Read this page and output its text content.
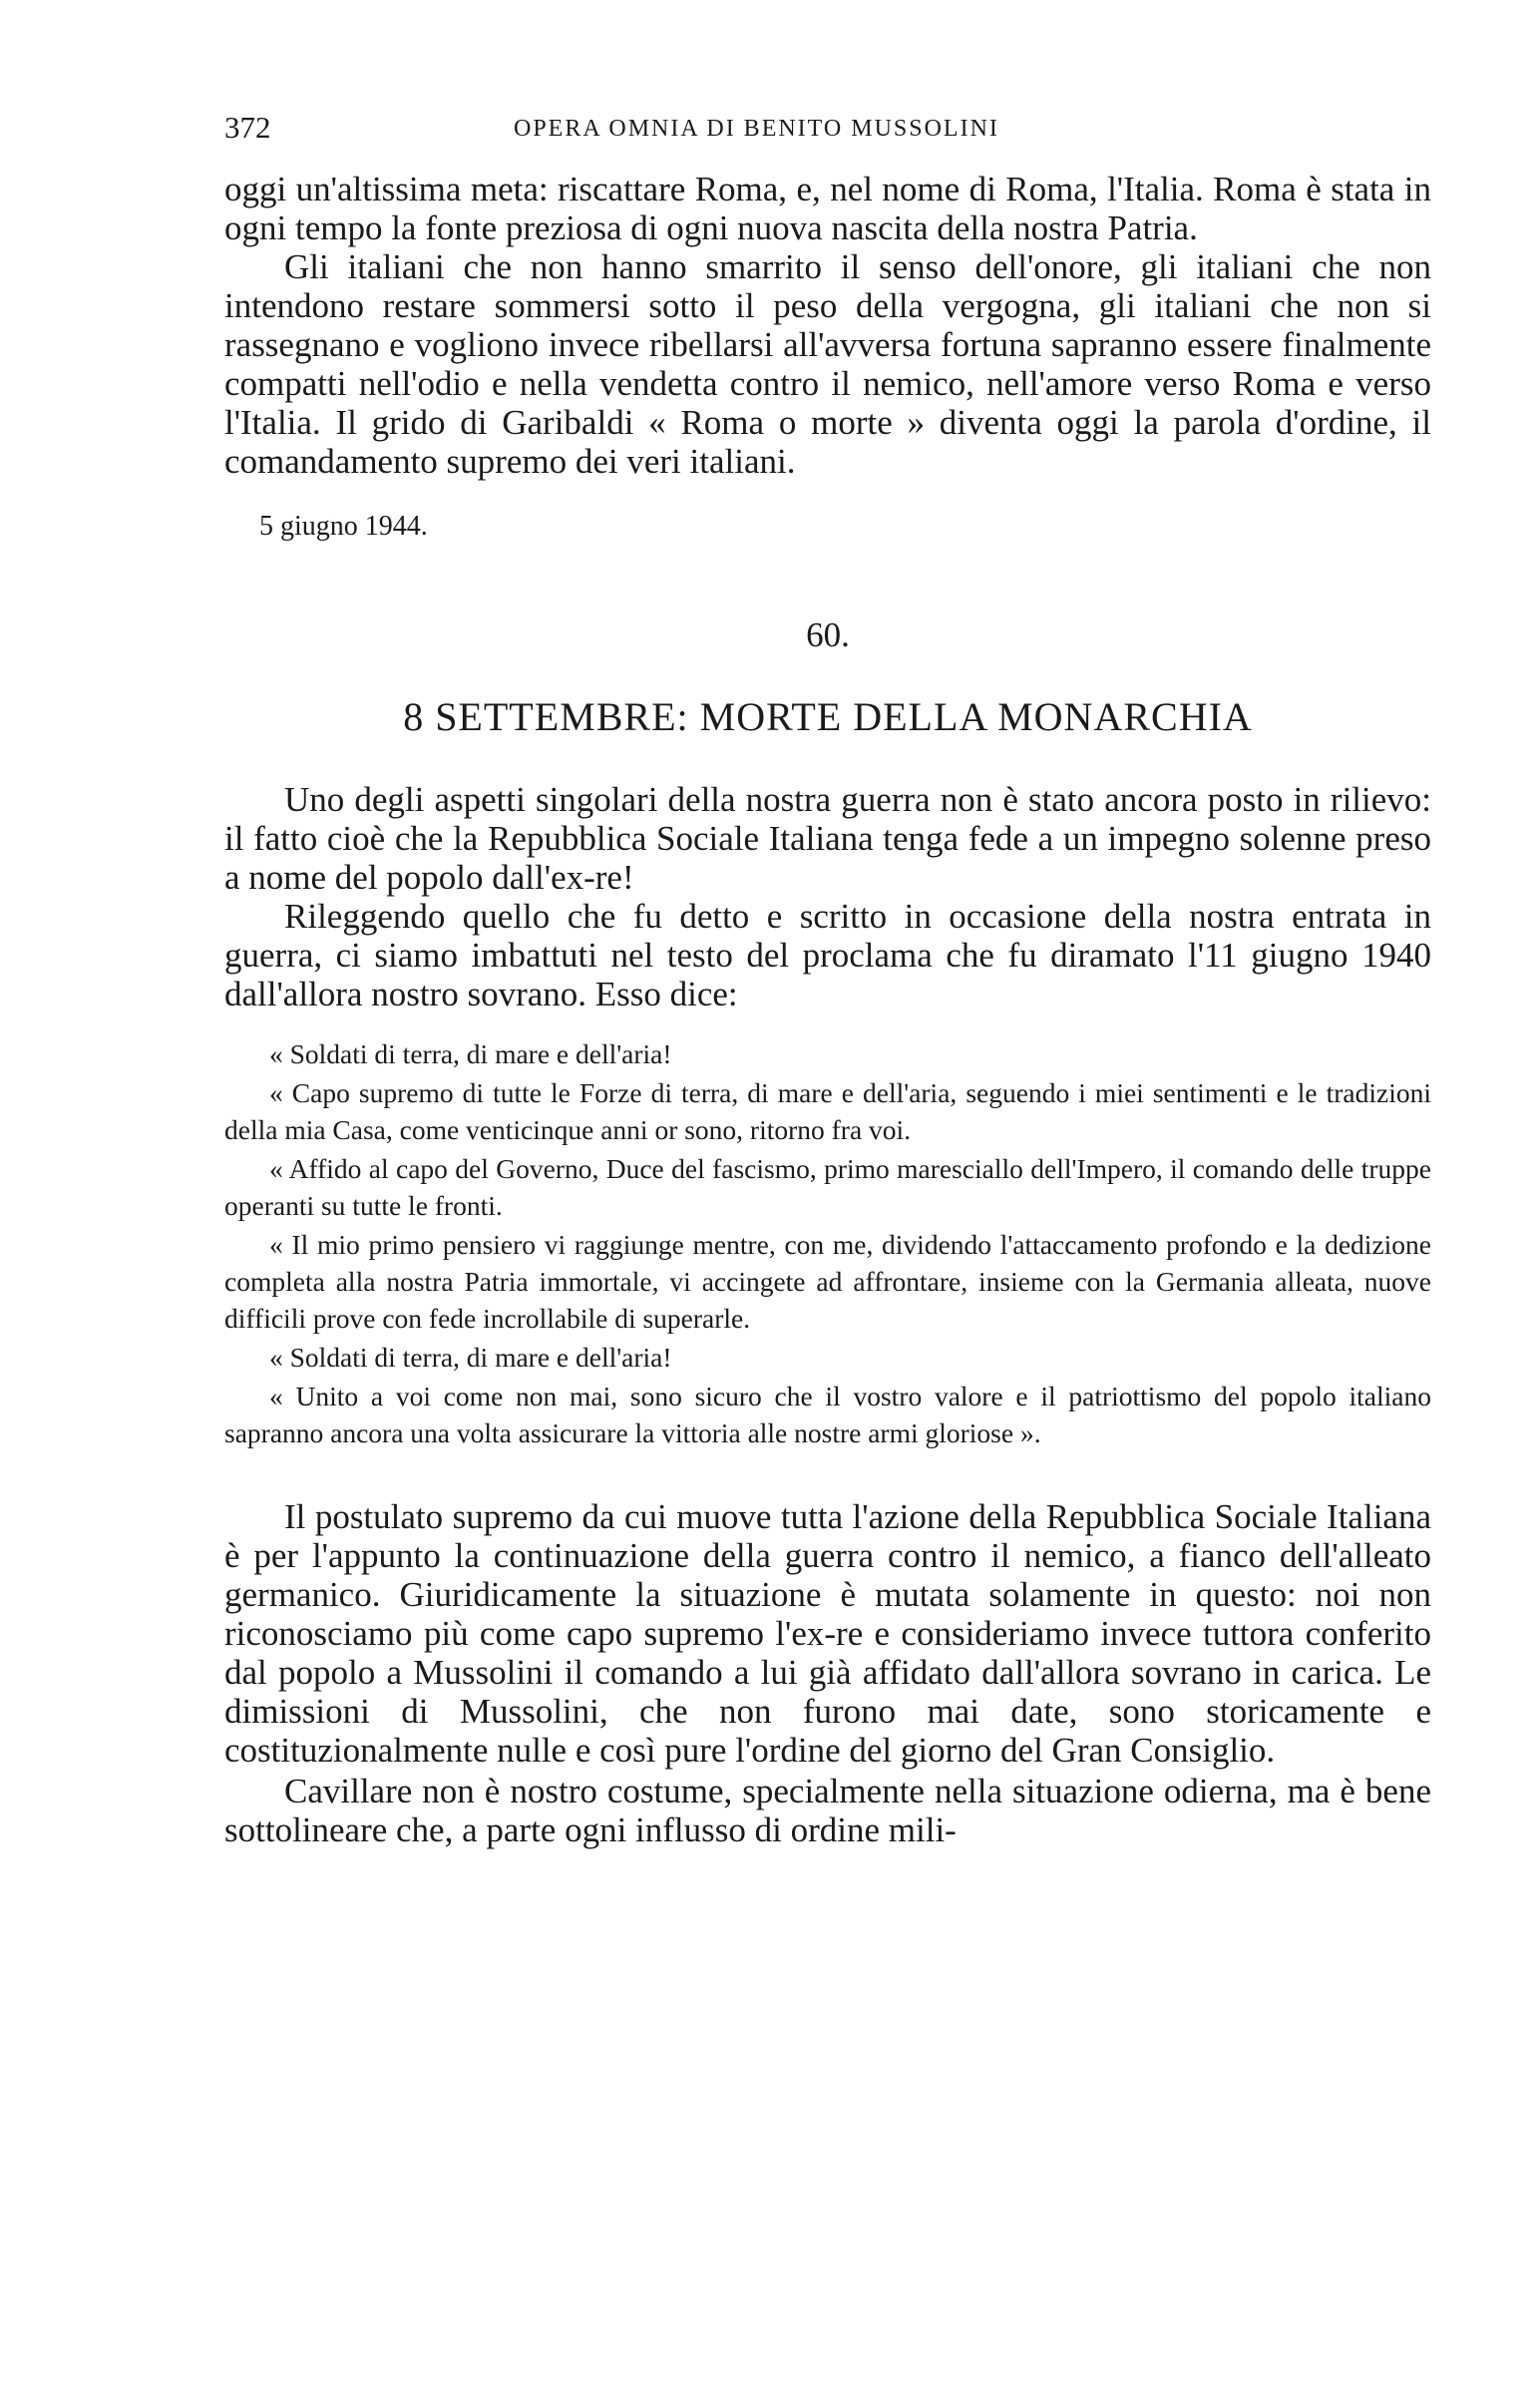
372	OPERA OMNIA DI BENITO MUSSOLINI

oggi un'altissima meta: riscattare Roma, e, nel nome di Roma, l'Italia. Roma è stata in ogni tempo la fonte preziosa di ogni nuova nascita della nostra Patria.

Gli italiani che non hanno smarrito il senso dell'onore, gli italiani che non intendono restare sommersi sotto il peso della vergogna, gli italiani che non si rassegnano e vogliono invece ribellarsi all'avversa fortuna sapranno essere finalmente compatti nell'odio e nella vendetta contro il nemico, nell'amore verso Roma e verso l'Italia. Il grido di Garibaldi « Roma o morte » diventa oggi la parola d'ordine, il comandamento supremo dei veri italiani.

5 giugno 1944.
60.
8 SETTEMBRE: MORTE DELLA MONARCHIA

Uno degli aspetti singolari della nostra guerra non è stato ancora posto in rilievo: il fatto cioè che la Repubblica Sociale Italiana tenga fede a un impegno solenne preso a nome del popolo dall'ex-re!

Rileggendo quello che fu detto e scritto in occasione della nostra entrata in guerra, ci siamo imbattuti nel testo del proclama che fu diramato l'11 giugno 1940 dall'allora nostro sovrano. Esso dice:

« Soldati di terra, di mare e dell'aria!

« Capo supremo di tutte le Forze di terra, di mare e dell'aria, seguendo i miei sentimenti e le tradizioni della mia Casa, come venticinque anni or sono, ritorno fra voi.

« Affido al capo del Governo, Duce del fascismo, primo maresciallo dell'Impero, il comando delle truppe operanti su tutte le fronti.

« Il mio primo pensiero vi raggiunge mentre, con me, dividendo l'attaccamento profondo e la dedizione completa alla nostra Patria immortale, vi accingete ad affrontare, insieme con la Germania alleata, nuove difficili prove con fede incrollabile di superarle.

« Soldati di terra, di mare e dell'aria!

« Unito a voi come non mai, sono sicuro che il vostro valore e il patriottismo del popolo italiano sapranno ancora una volta assicurare la vittoria alle nostre armi gloriose ».

Il postulato supremo da cui muove tutta l'azione della Repubblica Sociale Italiana è per l'appunto la continuazione della guerra contro il nemico, a fianco dell'alleato germanico. Giuridicamente la situazione è mutata solamente in questo: noi non riconosciamo più come capo supremo l'ex-re e consideriamo invece tuttora conferito dal popolo a Mussolini il comando a lui già affidato dall'allora sovrano in carica. Le dimissioni di Mussolini, che non furono mai date, sono storicamente e costituzionalmente nulle e così pure l'ordine del giorno del Gran Consiglio.

Cavillare non è nostro costume, specialmente nella situazione odierna, ma è bene sottolineare che, a parte ogni influsso di ordine mili-
